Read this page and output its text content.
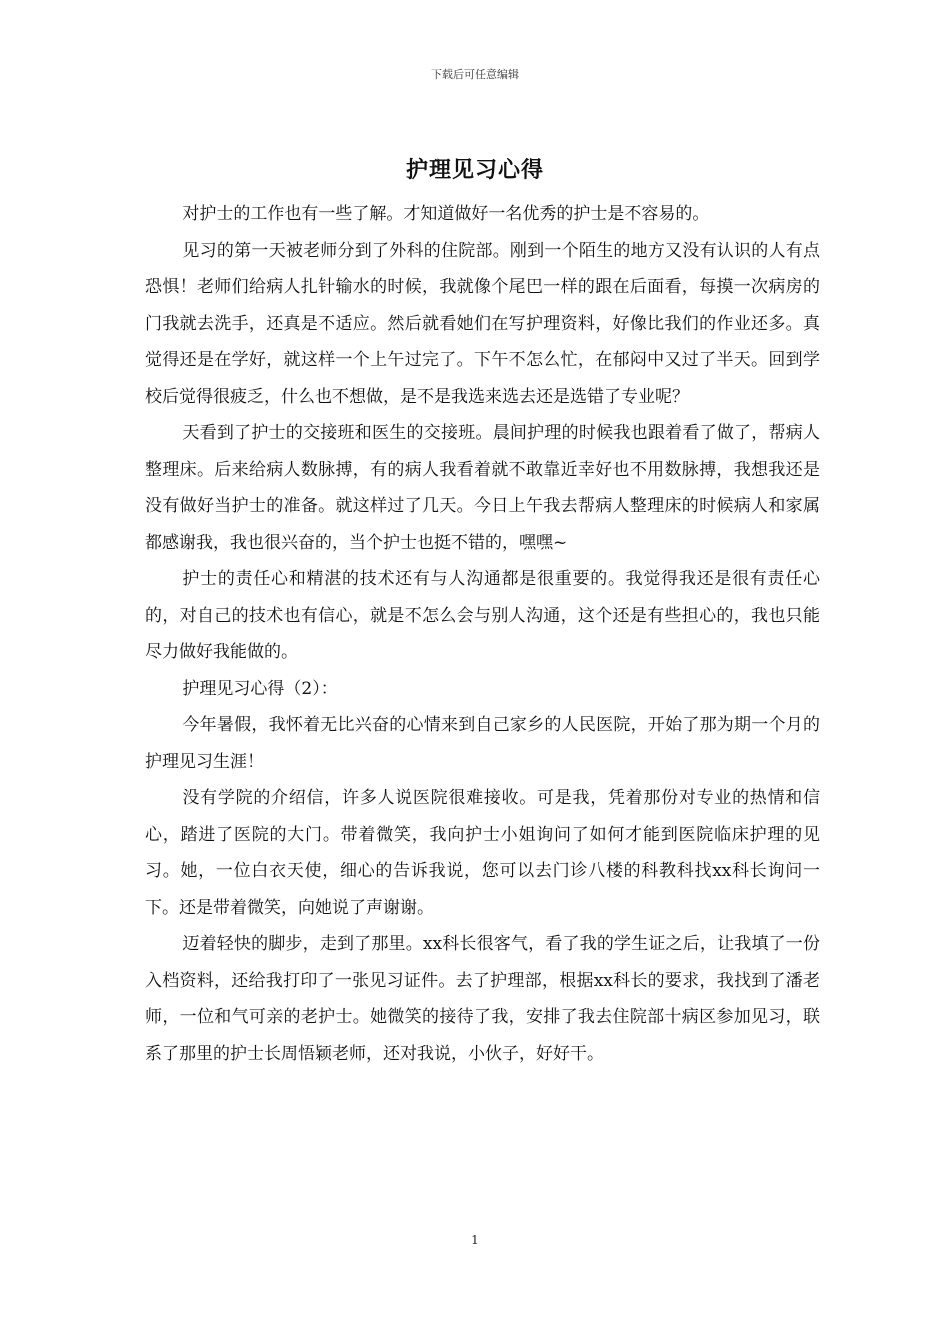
下载后可任意编辑
护理见习心得

对护士的工作也有一些了解。才知道做好一名优秀的护士是不容易的。

见习的第一天被老师分到了外科的住院部。刚到一个陌生的地方又没有认识的人有点恐惧！老师们给病人扎针输水的时候，我就像个尾巴一样的跟在后面看，每摸一次病房的门我就去洗手，还真是不适应。然后就看她们在写护理资料，好像比我们的作业还多。真觉得还是在学好，就这样一个上午过完了。下午不怎么忙，在郁闷中又过了半天。回到学校后觉得很疲乏，什么也不想做，是不是我选来选去还是选错了专业呢？

天看到了护士的交接班和医生的交接班。晨间护理的时候我也跟着看了做了，帮病人整理床。后来给病人数脉搏，有的病人我看着就不敢靠近幸好也不用数脉搏，我想我还是没有做好当护士的准备。就这样过了几天。今日上午我去帮病人整理床的时候病人和家属都感谢我，我也很兴奋的，当个护士也挺不错的，嘿嘿~

护士的责任心和精湛的技术还有与人沟通都是很重要的。我觉得我还是很有责任心的，对自己的技术也有信心，就是不怎么会与别人沟通，这个还是有些担心的，我也只能尽力做好我能做的。

护理见习心得（2）：

今年暑假，我怀着无比兴奋的心情来到自己家乡的人民医院，开始了那为期一个月的护理见习生涯！

没有学院的介绍信，许多人说医院很难接收。可是我，凭着那份对专业的热情和信心，踏进了医院的大门。带着微笑，我向护士小姐询问了如何才能到医院临床护理的见习。她，一位白衣天使，细心的告诉我说，您可以去门诊八楼的科教科找xx科长询问一下。还是带着微笑，向她说了声谢谢。

迈着轻快的脚步，走到了那里。xx科长很客气，看了我的学生证之后，让我填了一份入档资料，还给我打印了一张见习证件。去了护理部，根据xx科长的要求，我找到了潘老师，一位和气可亲的老护士。她微笑的接待了我，安排了我去住院部十病区参加见习，联系了那里的护士长周悟颖老师，还对我说，小伙子，好好干。

1
